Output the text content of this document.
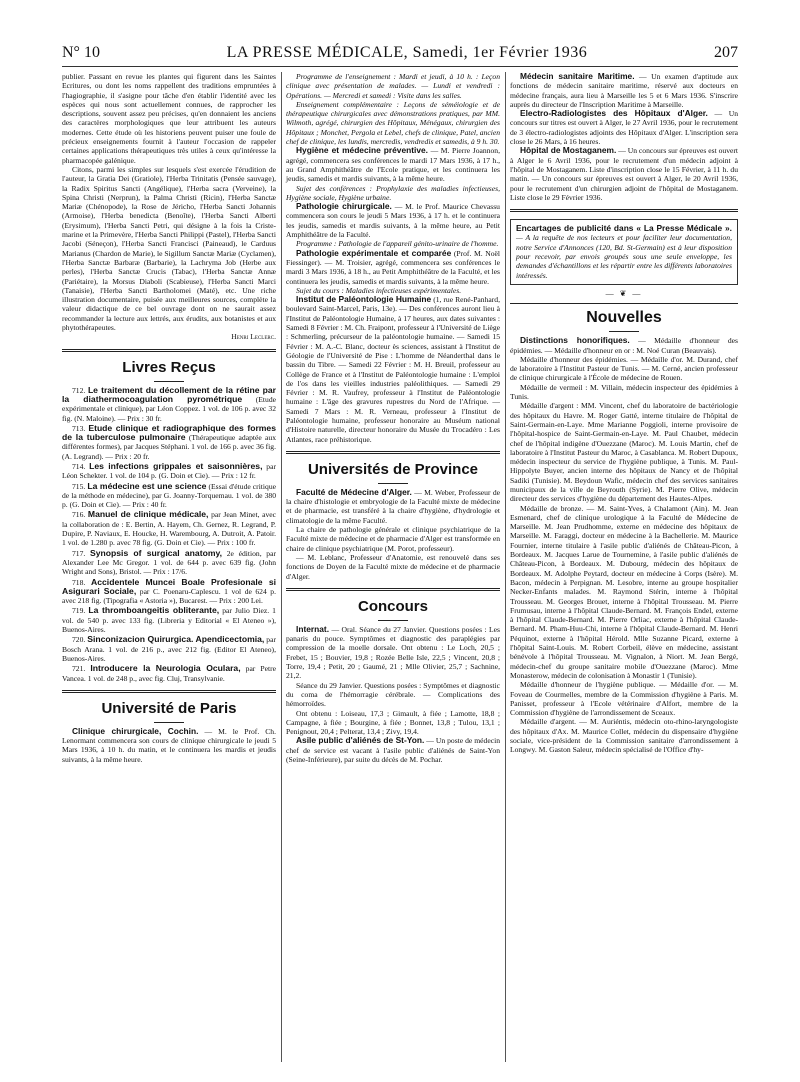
N° 10	LA PRESSE MÉDICALE, Samedi, 1er Février 1936	207

publier. Passant en revue les plantes qui figurent dans les Saintes Ecritures, ou dont les noms rappellent des traditions empruntées à l'hagiographie, il s'asigne pour tâche d'en établir l'identité avec les espèces qui nous sont actuellement connues, de rapprocher les descriptions, souvent assez peu précises, qu'en donnaient les anciens des caractères morphologiques que leur attribuent les auteurs modernes. Cette étude où les historiens peuvent puiser une foule de précieux enseignements fournit à l'auteur l'occasion de rappeler certaines applications thérapeutiques très utiles à ceux qu'intéresse la pharmacopée galénique.

Citons, parmi les simples sur lesquels s'est exercée l'érudition de l'auteur, la Gratia Dei (Gratiole), l'Herba Trinitatis (Pensée sauvage), la Radix Spiritus Sancti (Angélique), l'Herba sacra (Verveine), la Spina Christi (Nerprun), la Palma Christi (Ricin), l'Herba Sanctæ Mariæ (Chénopode), la Rose de Jéricho, l'Herba Sancti Johannis (Armoise), l'Herba benedicta (Benoîte), l'Herba Sancti Alberti (Erysimum), l'Herba Sancti Petri, qui désigne à la fois la Criste-marine et la Primevère, l'Herba Sancti Philippi (Pastel), l'Herba Sancti Jacobi (Séneçon), l'Herba Sancti Francisci (Paineaud), le Carduus Marianus (Chardon de Marie), le Sigillum Sanctæ Mariæ (Cyclamen), l'Herba Sanctæ Barbaræ (Barbarie), la Lachryma Job (Herbe aux perles), l'Herba Sanctæ Crucis (Tabac), l'Herba Sanctæ Annæ (Pariétaire), la Morsus Diaboli (Scabieuse), l'Herba Sancti Marci (Tanaisie), l'Herba Sancti Bartholomei (Maté), etc. Une riche illustration documentaire, puisée aux meilleures sources, complète la valeur didactique de ce bel ouvrage dont on ne saurait assez recommander la lecture aux lettrés, aux érudits, aux botanistes et aux phytothérapeutes.

Henri Leclerc.

Livres Reçus

712. Le traitement du décollement de la rétine par la diathermocoagulation pyrométrique (Etude expérimentale et clinique), par Léon Coppez. 1 vol. de 106 p. avec 32 fig. (N. Maloine). — Prix : 30 fr.

713. Etude clinique et radiographique des formes de la tuberculose pulmonaire (Thérapeutique adaptée aux différentes formes), par Jacques Stéphani. 1 vol. de 166 p. avec 36 fig. (A. Legrand). — Prix : 20 fr.

714. Les infections grippales et saisonnières, par Léon Schekter. 1 vol. de 104 p. (G. Doin et Cie). — Prix : 12 fr.

715. La médecine est une science (Essai d'étude critique de la méthode en médecine), par G. Joanny-Torquemau. 1 vol. de 380 p. (G. Doin et Cie). — Prix : 40 fr.

716. Manuel de clinique médicale, par Jean Minet, avec la collaboration de : E. Bertin, A. Hayem, Ch. Gernez, R. Legrand, P. Dupire, P. Naviaux, E. Houcke, H. Warembourg, A. Dutroit, A. Patoir. 1 vol. de 1.280 p. avec 78 fig. (G. Doin et Cie). — Prix : 100 fr.

717. Synopsis of surgical anatomy, 2e édition, par Alexander Lee Mc Gregor. 1 vol. de 644 p. avec 639 fig. (John Wright and Sons), Bristol. — Prix : 17/6.

718. Accidentele Muncei Boale Profesionale si Asigurari Sociale, par C. Poenaru-Caplescu. 1 vol de 624 p. avec 218 fig. (Tipografia « Astoria »), Bucarest. — Prix : 200 Lei.

719. La thromboangeitis obliterante, par Julio Diez. 1 vol. de 540 p. avec 133 fig. (Libreria y Editorial « El Ateneo »), Buenos-Aires.

720. Sinconizacion Quirurgica. Apendicectomia, par Bosch Arana. 1 vol. de 216 p., avec 212 fig. (Editor El Ateneo), Buenos-Aires.

721. Introducere la Neurologia Oculara, par Petre Vancea. 1 vol. de 248 p., avec fig. Cluj, Transylvanie.

Université de Paris

Clinique chirurgicale, Cochin. — M. le Prof. Ch. Lenormant commencera son cours de clinique chirurgicale le jeudi 5 Mars 1936, à 10 h. du matin, et le continuera les mardis et jeudis suivants, à la même heure.

Programme de l'enseignement : Mardi et jeudi, à 10 h. : Leçon clinique avec présentation de malades. — Lundi et vendredi : Opérations. — Mercredi et samedi : Visite dans les salles.

Enseignement complémentaire : Leçons de séméiologie et de thérapeutique chirurgicales avec démonstrations pratiques, par MM. Wilmoth, agrégé, chirurgien des Hôpitaux, Ménégaux, chirurgien des Hôpitaux ; Monchet, Pergola et Lebel, chefs de clinique, Patel, ancien chef de clinique, les lundis, mercredis, vendredis et samedis, à 9 h. 30.

Hygiène et médecine préventive. — M. Pierre Joannon, agrégé, commencera ses conférences le mardi 17 Mars 1936, à 17 h., au Grand Amphithéâtre de l'Ecole pratique, et les continuera les jeudis, samedis et mardis suivants, à la même heure.

Sujet des conférences : Prophylaxie des maladies infectieuses, Hygiène sociale, Hygiène urbaine.

Pathologie chirurgicale. — M. le Prof. Maurice Chevassu commencera son cours le jeudi 5 Mars 1936, à 17 h. et le continuera les jeudis, samedis et mardis suivants, à la même heure, au Petit Amphithéâtre de la Faculté.

Programme : Pathologie de l'appareil génito-urinaire de l'homme.

Pathologie expérimentale et comparée (Prof. M. Noël Fiessinger). — M. Troisier, agrégé, commencera ses conférences le mardi 3 Mars 1936, à 18 h., au Petit Amphithéâtre de la Faculté, et les continuera les jeudis, samedis et mardis suivants, à la même heure.

Sujet du cours : Maladies infectieuses expérimentales.

Institut de Paléontologie Humaine (1, rue René-Panhard, boulevard Saint-Marcel, Paris, 13e). — Des conférences auront lieu à l'Institut de Paléontologie Humaine, à 17 heures, aux dates suivantes : Samedi 8 Février : M. Ch. Fraipont, professeur à l'Université de Liège : Schmerling, précurseur de la paléontologie humaine. — Samedi 15 Février : M. A.-C. Blanc, docteur ès sciences, assistant à l'Institut de Géologie de l'Université de Pise : L'homme de Néanderthal dans le bassin du Tibre. — Samedi 22 Février : M. H. Breuil, professeur au Collège de France et à l'Institut de Paléontologie humaine : L'emploi de l'os dans les vieilles industries paléolithiques. — Samedi 29 Février : M. R. Vaufrey, professeur à l'Institut de Paléontologie humaine : L'âge des gravures rupestres du Nord de l'Afrique. — Samedi 7 Mars : M. R. Verneau, professeur à l'Institut de Paléontologie humaine, professeur honoraire au Muséum national d'Histoire naturelle, directeur honoraire du Musée du Trocadéro : Les Atlantes, race préhistorique.

Universités de Province

Faculté de Médecine d'Alger. — M. Weber, Professeur de la chaire d'histologie et embryologie de la Faculté mixte de médecine et de pharmacie, est transféré à la chaire d'hygiène, d'hydrologie et climatologie de la même Faculté.

La chaire de pathologie générale et clinique psychiatrique de la Faculté mixte de médecine et de pharmacie d'Alger est transformée en chaire de clinique psychiatrique (M. Porot, professeur).

— M. Leblanc, Professeur d'Anatomie, est renouvelé dans ses fonctions de Doyen de la Faculté mixte de médecine et de pharmacie d'Alger.

Concours

Internat. — Oral. Séance du 27 Janvier. Questions posées : Les panaris du pouce. Symptômes et diagnostic des paraplégies par compression de la moelle dorsale. Ont obtenu : Le Loch, 20,5 ; Frebet, 15 ; Bouvier, 19,8 ; Rozée Belle Isle, 22,5 ; Vincent, 20,8 ; Torre, 19,4 ; Petit, 20 ; Gaumé, 21 ; Mlle Olivier, 25,7 ; Sachnine, 21,2.

Séance du 29 Janvier. Questions posées : Symptômes et diagnostic du coma de l'hémorragie cérébrale. — Complications des hémorroïdes.

Ont obtenu : Loiseau, 17,3 ; Gimault, à fiée ; Lamotte, 18,8 ; Campagne, à fiée ; Bourgine, à fiée ; Bonnet, 13,8 ; Tulou, 13,1 ; Penignout, 20,4 ; Pelterat, 13,4 ; Zivy, 19,4.

Asile public d'aliénés de St-Yon. — Un poste de médecin chef de service est vacant à l'asile public d'aliénés de Saint-Yon (Seine-Inférieure), par suite du décès de M. Pochar.

Médecin sanitaire Maritime. — Un examen d'aptitude aux fonctions de médecin sanitaire maritime, réservé aux docteurs en médecine français, aura lieu à Marseille les 5 et 6 Mars 1936. S'inscrire auprès du directeur de l'Inscription Maritime à Marseille.

Electro-Radiologistes des Hôpitaux d'Alger. — Un concours sur titres est ouvert à Alger, le 27 Avril 1936, pour le recrutement de 3 électro-radiologistes adjoints des Hôpitaux d'Alger. L'inscription sera close le 26 Mars, à 16 heures.

Hôpital de Mostaganem. — Un concours sur épreuves est ouvert à Alger le 6 Avril 1936, pour le recrutement d'un médecin adjoint à l'hôpital de Mostaganem. Liste d'inscription close le 15 Février, à 11 h. du matin. — Un concours sur épreuves est ouvert à Alger, le 20 Avril 1936, pour le recrutement d'un chirurgien adjoint de l'hôpital de Mostaganem. Liste close le 29 Février 1936.

Encartages de publicité dans « La Presse Médicale ». — A la requête de nos lecteurs et pour faciliter leur documentation, notre Service d'Annonces (120, Bd. St-Germain) est à leur disposition pour recevoir, par envois groupés sous une seule enveloppe, les demandes d'échantillons et les répartir entre les différents laboratoires intéressés.
— ❦ —
Nouvelles

Distinctions honorifiques. — Médaille d'honneur des épidémies. — Médaille d'honneur en or : M. Noé Curan (Beauvais).

Médaille d'honneur des épidémies. — Médaille d'or. M. Durand, chef de laboratoire à l'Institut Pasteur de Tunis. — M. Cerné, ancien professeur de clinique chirurgicale à l'École de médecine de Rouen.

Médaille de vermeil : M. Villain, médecin inspecteur des épidémies à Tunis.

Médaille d'argent : MM. Vincent, chef du laboratoire de bactériologie des hôpitaux du Havre. M. Roger Gatté, interne titulaire de l'hôpital de Saint-Germain-en-Laye. Mme Marianne Poggioli, interne provisoire de l'hôpital-hospice de Saint-Germain-en-Laye. M. Paul Chaubet, médecin chef de l'hôpital indigène d'Ouezzane (Maroc). M. Louis Martin, chef de laboratoire à l'Institut Pasteur du Maroc, à Casablanca. M. Robert Dupoux, médecin inspecteur du service de l'hygiène publique, à Tunis. M. Paul-Hippolyte Buyer, ancien interne des hôpitaux de Nancy et de l'hôpital Sadiki (Tunisie). M. Beydoun Wafic, médecin chef des services sanitaires municipaux de la ville de Beyrouth (Syrie). M. Pierre Olive, médecin directeur des services d'hygiène du département des Hautes-Alpes.

Médaille de bronze. — M. Saint-Yves, à Chalamont (Ain). M. Jean Esmenard, chef de clinique urologique à la Faculté de Médecine de Marseille. M. Jean Prudhomme, externe en médecine des hôpitaux de Marseille. M. Faraggi, docteur en médecine à la Bachellerie. M. Maurice Fournier, interne titulaire à l'asile public d'aliénés de Château-Picon, à Bordeaux. M. Jacques Larue de Tournemine, à l'asile public d'aliénés de Château-Picon, à Bordeaux. M. Dubourg, médecin des hôpitaux de Bordeaux. M. Adolphe Peytard, docteur en médecine à Corps (Isère). M. Bacon, médecin à Perpignan. M. Lesobre, interne au groupe hospitalier Necker-Enfants malades. M. Raymond Stérin, interne à l'hôpital Trousseau. M. Georges Brouet, interne à l'hôpital Trousseau. M. Pierre Frumusau, interne à l'hôpital Claude-Bernard. M. François Endel, externe à l'hôpital Claude-Bernard. M. Pierre Orliac, externe à l'hôpital Claude-Bernard. M. Pham-Huu-Chi, interne à l'hôpital Claude-Bernard. M. Henri Péquinot, externe à l'hôpital Hérold. Mlle Suzanne Picard, externe à l'hôpital Saint-Louis. M. Robert Corbeil, élève en médecine, assistant bénévole à l'hôpital Trousseau. M. Vignalon, à Niort. M. Jean Bergé, médecin-chef du groupe sanitaire mobile d'Ouezzane (Maroc). Mme Monasterow, médecin de colonisation à Monastir 1 (Tunisie).

Médaille d'honneur de l'hygiène publique. — Médaille d'or. — M. Foveau de Courmelles, membre de la Commission d'hygiène à Paris. M. Panisset, professeur à l'Ecole vétérinaire d'Alfort, membre de la Commission d'hygiène de l'arrondissement de Sceaux.

Médaille d'argent. — M. Auriéntis, médecin oto-rhino-laryngologiste des hôpitaux d'Ax. M. Maurice Collet, médecin du dispensaire d'hygiène sociale, vice-président de la Commission sanitaire d'arrondissement à Longwy. M. Gaston Saleur, médecin spécialisé de l'Office d'hy-
